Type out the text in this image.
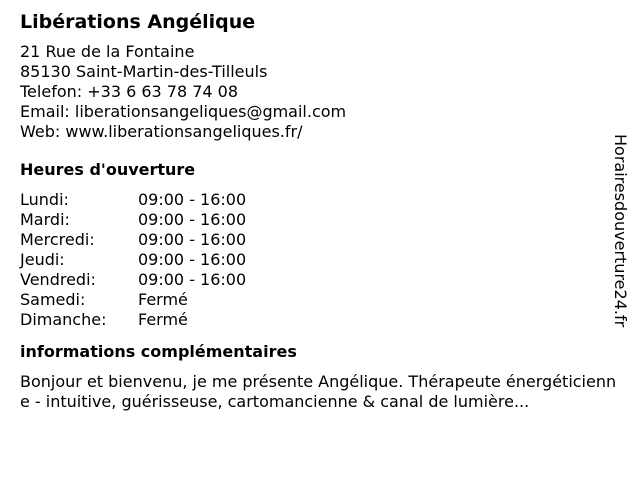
Libérations Angélique
21 Rue de la Fontaine
85130 Saint-Martin-des-Tilleuls
Telefon: +33 6 63 78 74 08
Email: liberationsangeliques@gmail.com
Web: www.liberationsangeliques.fr/
Heures d'ouverture
Lundi:	09:00 - 16:00
Mardi:	09:00 - 16:00
Mercredi:	09:00 - 16:00
Jeudi:	09:00 - 16:00
Vendredi:	09:00 - 16:00
Samedi:	Fermé
Dimanche:	Fermé
informations complémentaires
Bonjour et bienvenu, je me présente Angélique. Thérapeute énergéticienne - intuitive, guérisseuse, cartomancienne & canal de lumière...
Horairesdouverture24.fr
